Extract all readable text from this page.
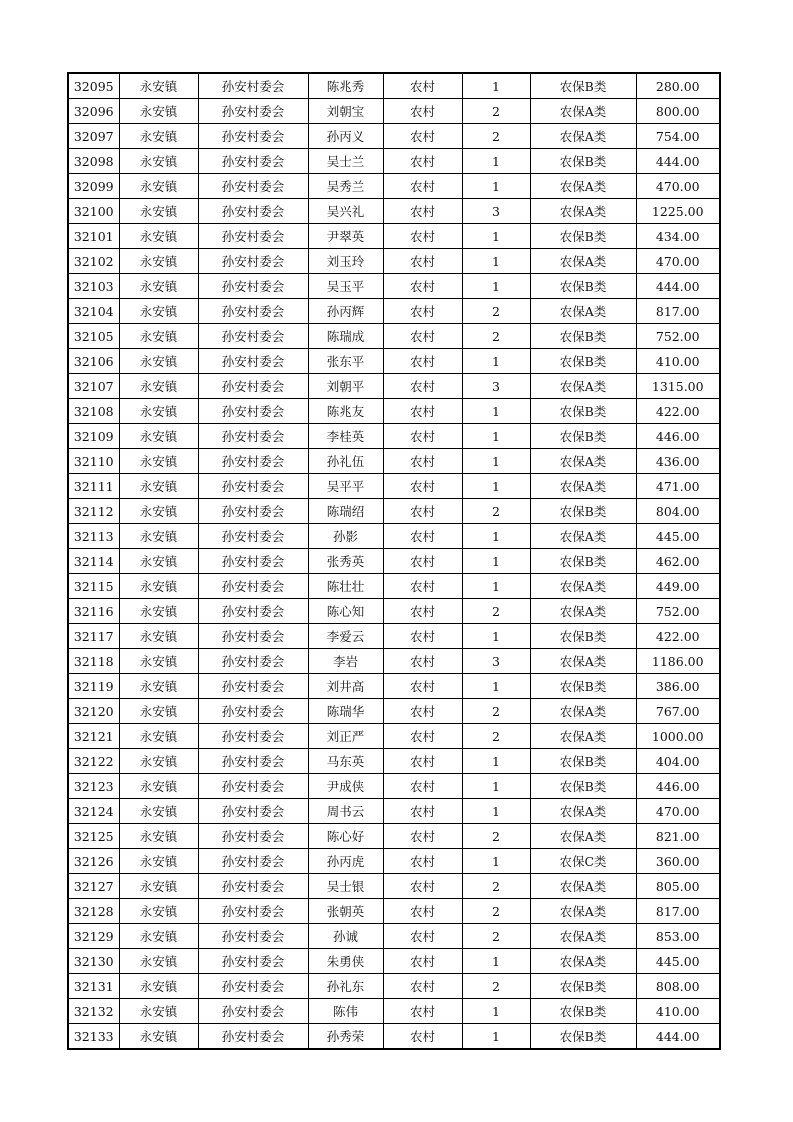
32095	永安镇	孙安村委会	陈兆秀	农村	1	农保B类	280.00
32096	永安镇	孙安村委会	刘朝宝	农村	2	农保A类	800.00
32097	永安镇	孙安村委会	孙丙义	农村	2	农保A类	754.00
32098	永安镇	孙安村委会	吴士兰	农村	1	农保B类	444.00
32099	永安镇	孙安村委会	吴秀兰	农村	1	农保A类	470.00
32100	永安镇	孙安村委会	吴兴礼	农村	3	农保A类	1225.00
32101	永安镇	孙安村委会	尹翠英	农村	1	农保B类	434.00
32102	永安镇	孙安村委会	刘玉玲	农村	1	农保A类	470.00
32103	永安镇	孙安村委会	吴玉平	农村	1	农保B类	444.00
32104	永安镇	孙安村委会	孙丙辉	农村	2	农保A类	817.00
32105	永安镇	孙安村委会	陈瑞成	农村	2	农保B类	752.00
32106	永安镇	孙安村委会	张东平	农村	1	农保B类	410.00
32107	永安镇	孙安村委会	刘朝平	农村	3	农保A类	1315.00
32108	永安镇	孙安村委会	陈兆友	农村	1	农保B类	422.00
32109	永安镇	孙安村委会	李桂英	农村	1	农保B类	446.00
32110	永安镇	孙安村委会	孙礼伍	农村	1	农保A类	436.00
32111	永安镇	孙安村委会	吴平平	农村	1	农保A类	471.00
32112	永安镇	孙安村委会	陈瑞绍	农村	2	农保B类	804.00
32113	永安镇	孙安村委会	孙影	农村	1	农保A类	445.00
32114	永安镇	孙安村委会	张秀英	农村	1	农保B类	462.00
32115	永安镇	孙安村委会	陈壮壮	农村	1	农保A类	449.00
32116	永安镇	孙安村委会	陈心知	农村	2	农保A类	752.00
32117	永安镇	孙安村委会	李爱云	农村	1	农保B类	422.00
32118	永安镇	孙安村委会	李岩	农村	3	农保A类	1186.00
32119	永安镇	孙安村委会	刘井高	农村	1	农保B类	386.00
32120	永安镇	孙安村委会	陈瑞华	农村	2	农保A类	767.00
32121	永安镇	孙安村委会	刘正严	农村	2	农保A类	1000.00
32122	永安镇	孙安村委会	马东英	农村	1	农保B类	404.00
32123	永安镇	孙安村委会	尹成侠	农村	1	农保B类	446.00
32124	永安镇	孙安村委会	周书云	农村	1	农保A类	470.00
32125	永安镇	孙安村委会	陈心好	农村	2	农保A类	821.00
32126	永安镇	孙安村委会	孙丙虎	农村	1	农保C类	360.00
32127	永安镇	孙安村委会	吴士银	农村	2	农保A类	805.00
32128	永安镇	孙安村委会	张朝英	农村	2	农保A类	817.00
32129	永安镇	孙安村委会	孙诚	农村	2	农保A类	853.00
32130	永安镇	孙安村委会	朱勇侠	农村	1	农保A类	445.00
32131	永安镇	孙安村委会	孙礼东	农村	2	农保B类	808.00
32132	永安镇	孙安村委会	陈伟	农村	1	农保B类	410.00
32133	永安镇	孙安村委会	孙秀荣	农村	1	农保B类	444.00
